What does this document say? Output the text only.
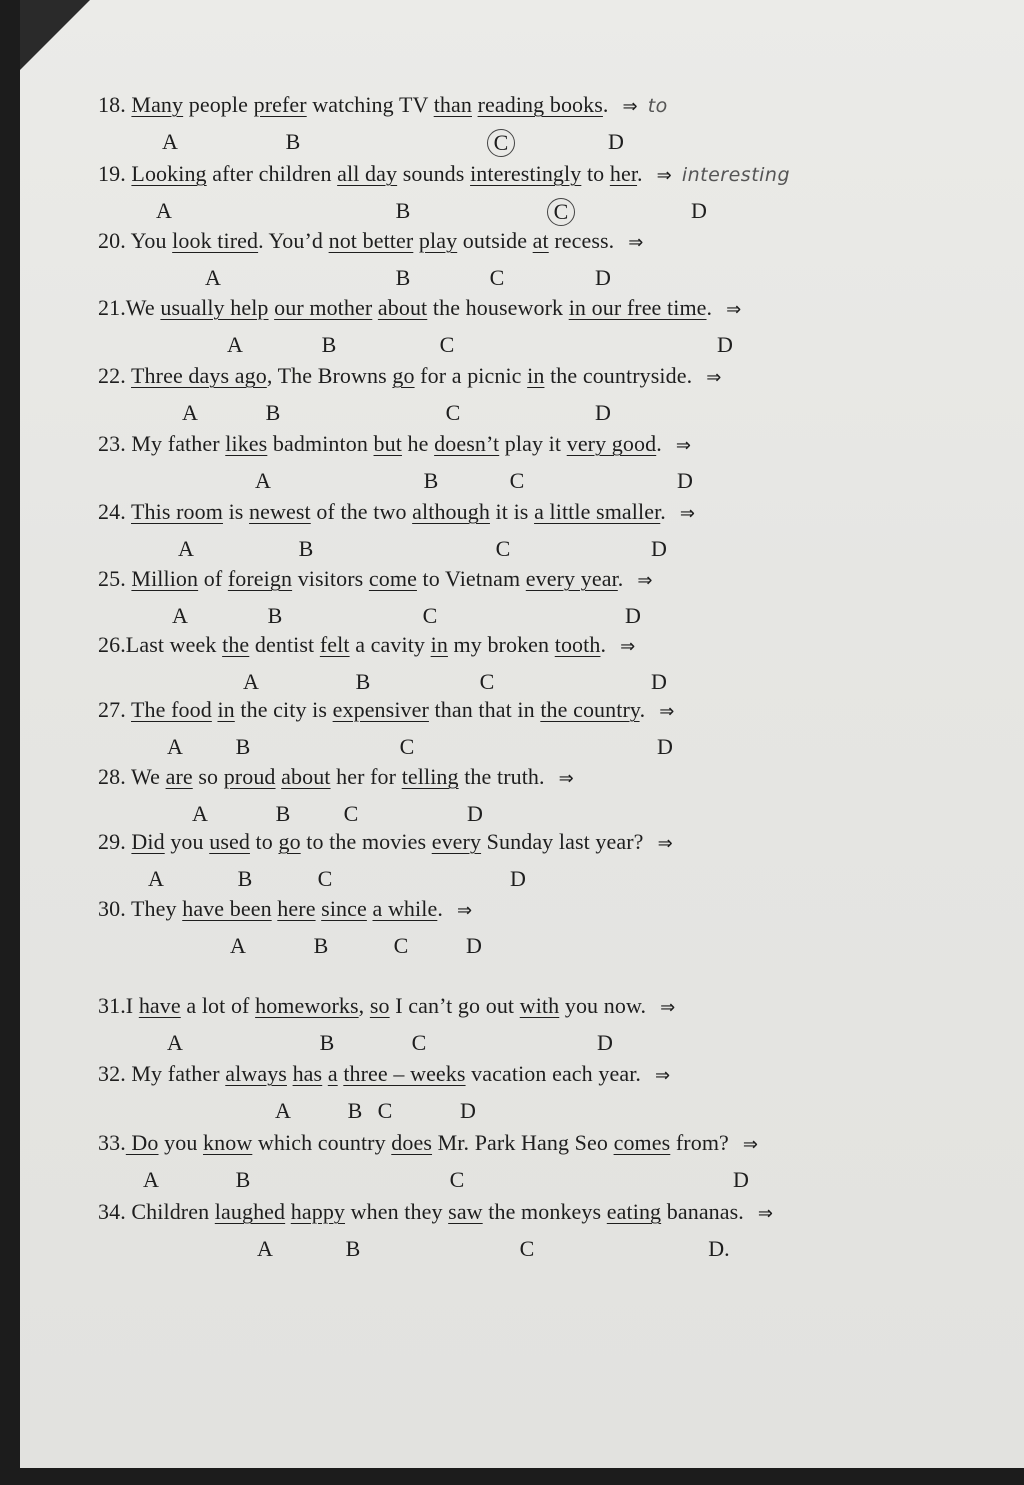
18. Many people prefer watching TV than reading books. ⇒ to
A	B	C	D
19. Looking after children all day sounds interestingly to her. ⇒ interesting
A	B	C	D
20. You look tired. You’d not better play outside at recess. ⇒
A	B	C	D
21.We usually help our mother about the housework in our free time. ⇒
A	B	C	D
22. Three days ago, The Browns go for a picnic in the countryside. ⇒
A	B	C	D
23. My father likes badminton but he doesn’t play it very good. ⇒
A	B	C	D
24. This room is newest of the two although it is a little smaller. ⇒
A	B	C	D
25. Million of foreign visitors come to Vietnam every year. ⇒
A	B	C	D
26.Last week the dentist felt a cavity in my broken tooth. ⇒
A	B	C	D
27. The food in the city is expensiver than that in the country. ⇒
A B	C	D
28. We are so proud about her for telling the truth. ⇒
A	B C	D
29. Did you used to go to the movies every Sunday last year? ⇒
A	B	C	D
30. They have been here since a while. ⇒
A	B	C	D
31.I have a lot of homeworks, so I can’t go out with you now. ⇒
A	B	C	D
32. My father always has a three – weeks vacation each year. ⇒
A	B C	D
33. Do you know which country does Mr. Park Hang Seo comes from? ⇒
A	B	C	D
34. Children laughed happy when they saw the monkeys eating bananas. ⇒
A	B	C	D.
